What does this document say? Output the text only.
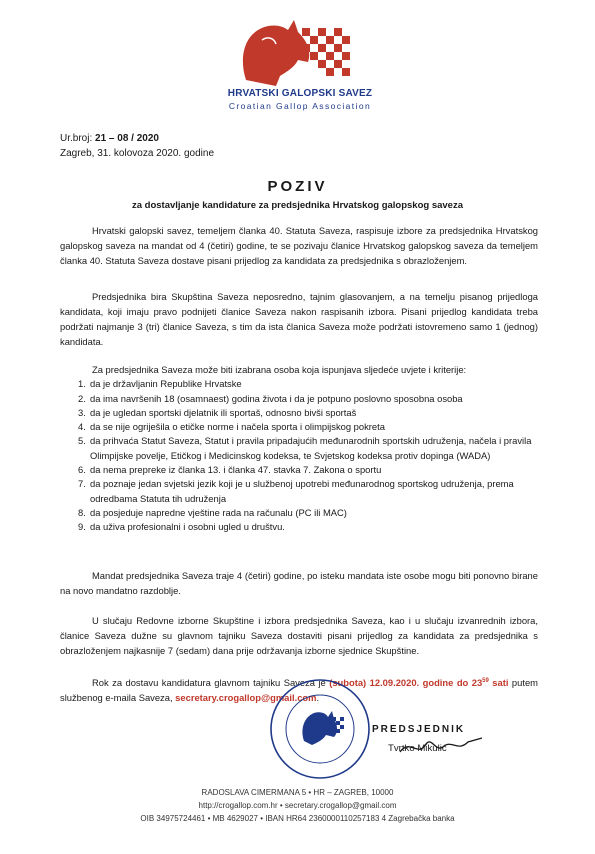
HRVATSKI GALOPSKI SAVEZ
Croatian Gallop Association
Ur.broj: 21 – 08 / 2020
Zagreb, 31. kolovoza 2020. godine
POZIV
za dostavljanje kandidature za predsjednika Hrvatskog galopskog saveza
Hrvatski galopski savez, temeljem članka 40. Statuta Saveza, raspisuje izbore za predsjednika Hrvatskog galopskog saveza na mandat od 4 (četiri) godine, te se pozivaju članice Hrvatskog galopskog saveza da temeljem članka 40. Statuta Saveza dostave pisani prijedlog za kandidata za predsjednika s obrazloženjem.
Predsjednika bira Skupština Saveza neposredno, tajnim glasovanjem, a na temelju pisanog prijedloga kandidata, koji imaju pravo podnijeti članice Saveza nakon raspisanih izbora. Pisani prijedlog kandidata treba podržati najmanje 3 (tri) članice Saveza, s tim da ista članica Saveza može podržati istovremeno samo 1 (jednog) kandidata.
Za predsjednika Saveza može biti izabrana osoba koja ispunjava sljedeće uvjete i kriterije:
1. da je državljanin Republike Hrvatske
2. da ima navršenih 18 (osamnaest) godina života i da je potpuno poslovno sposobna osoba
3. da je ugledan sportski djelatnik ili sportaš, odnosno bivši sportaš
4. da se nije ogriješila o etičke norme i načela sporta i olimpijskog pokreta
5. da prihvaća Statut Saveza, Statut i pravila pripadajućih međunarodnih sportskih udruženja, načela i pravila Olimpijske povelje, Etičkog i Medicinskog kodeksa, te Svjetskog kodeksa protiv dopinga (WADA)
6. da nema prepreke iz članka 13. i članka 47. stavka 7. Zakona o sportu
7. da poznaje jedan svjetski jezik koji je u službenoj upotrebi međunarodnog sportskog udruženja, prema odredbama Statuta tih udruženja
8. da posjeduje napredne vještine rada na računalu (PC ili MAC)
9. da uživa profesionalni i osobni ugled u društvu.
Mandat predsjednika Saveza traje 4 (četiri) godine, po isteku mandata iste osobe mogu biti ponovno birane na novo mandatno razdoblje.
U slučaju Redovne izborne Skupštine i izbora predsjednika Saveza, kao i u slučaju izvanrednih izbora, članice Saveza dužne su glavnom tajniku Saveza dostaviti pisani prijedlog za kandidata za predsjednika s obrazloženjem najkasnije 7 (sedam) dana prije održavanja izborne sjednice Skupštine.
Rok za dostavu kandidatura glavnom tajniku Saveza je (subota) 12.09.2020. godine do $23^{59}$ sati putem službenog e-maila Saveza, secretary.crogallop@gmail.com.
PREDSJEDNIK
Tvrtko Mikulić
RADOSLAVA CIMERMANA 5 • HR – ZAGREB, 10000
http://crogallop.com.hr • secretary.crogallop@gmail.com
OIB 34975724461 • MB 4629027 • IBAN HR64 2360000110257183 4 Zagrebačka banka
